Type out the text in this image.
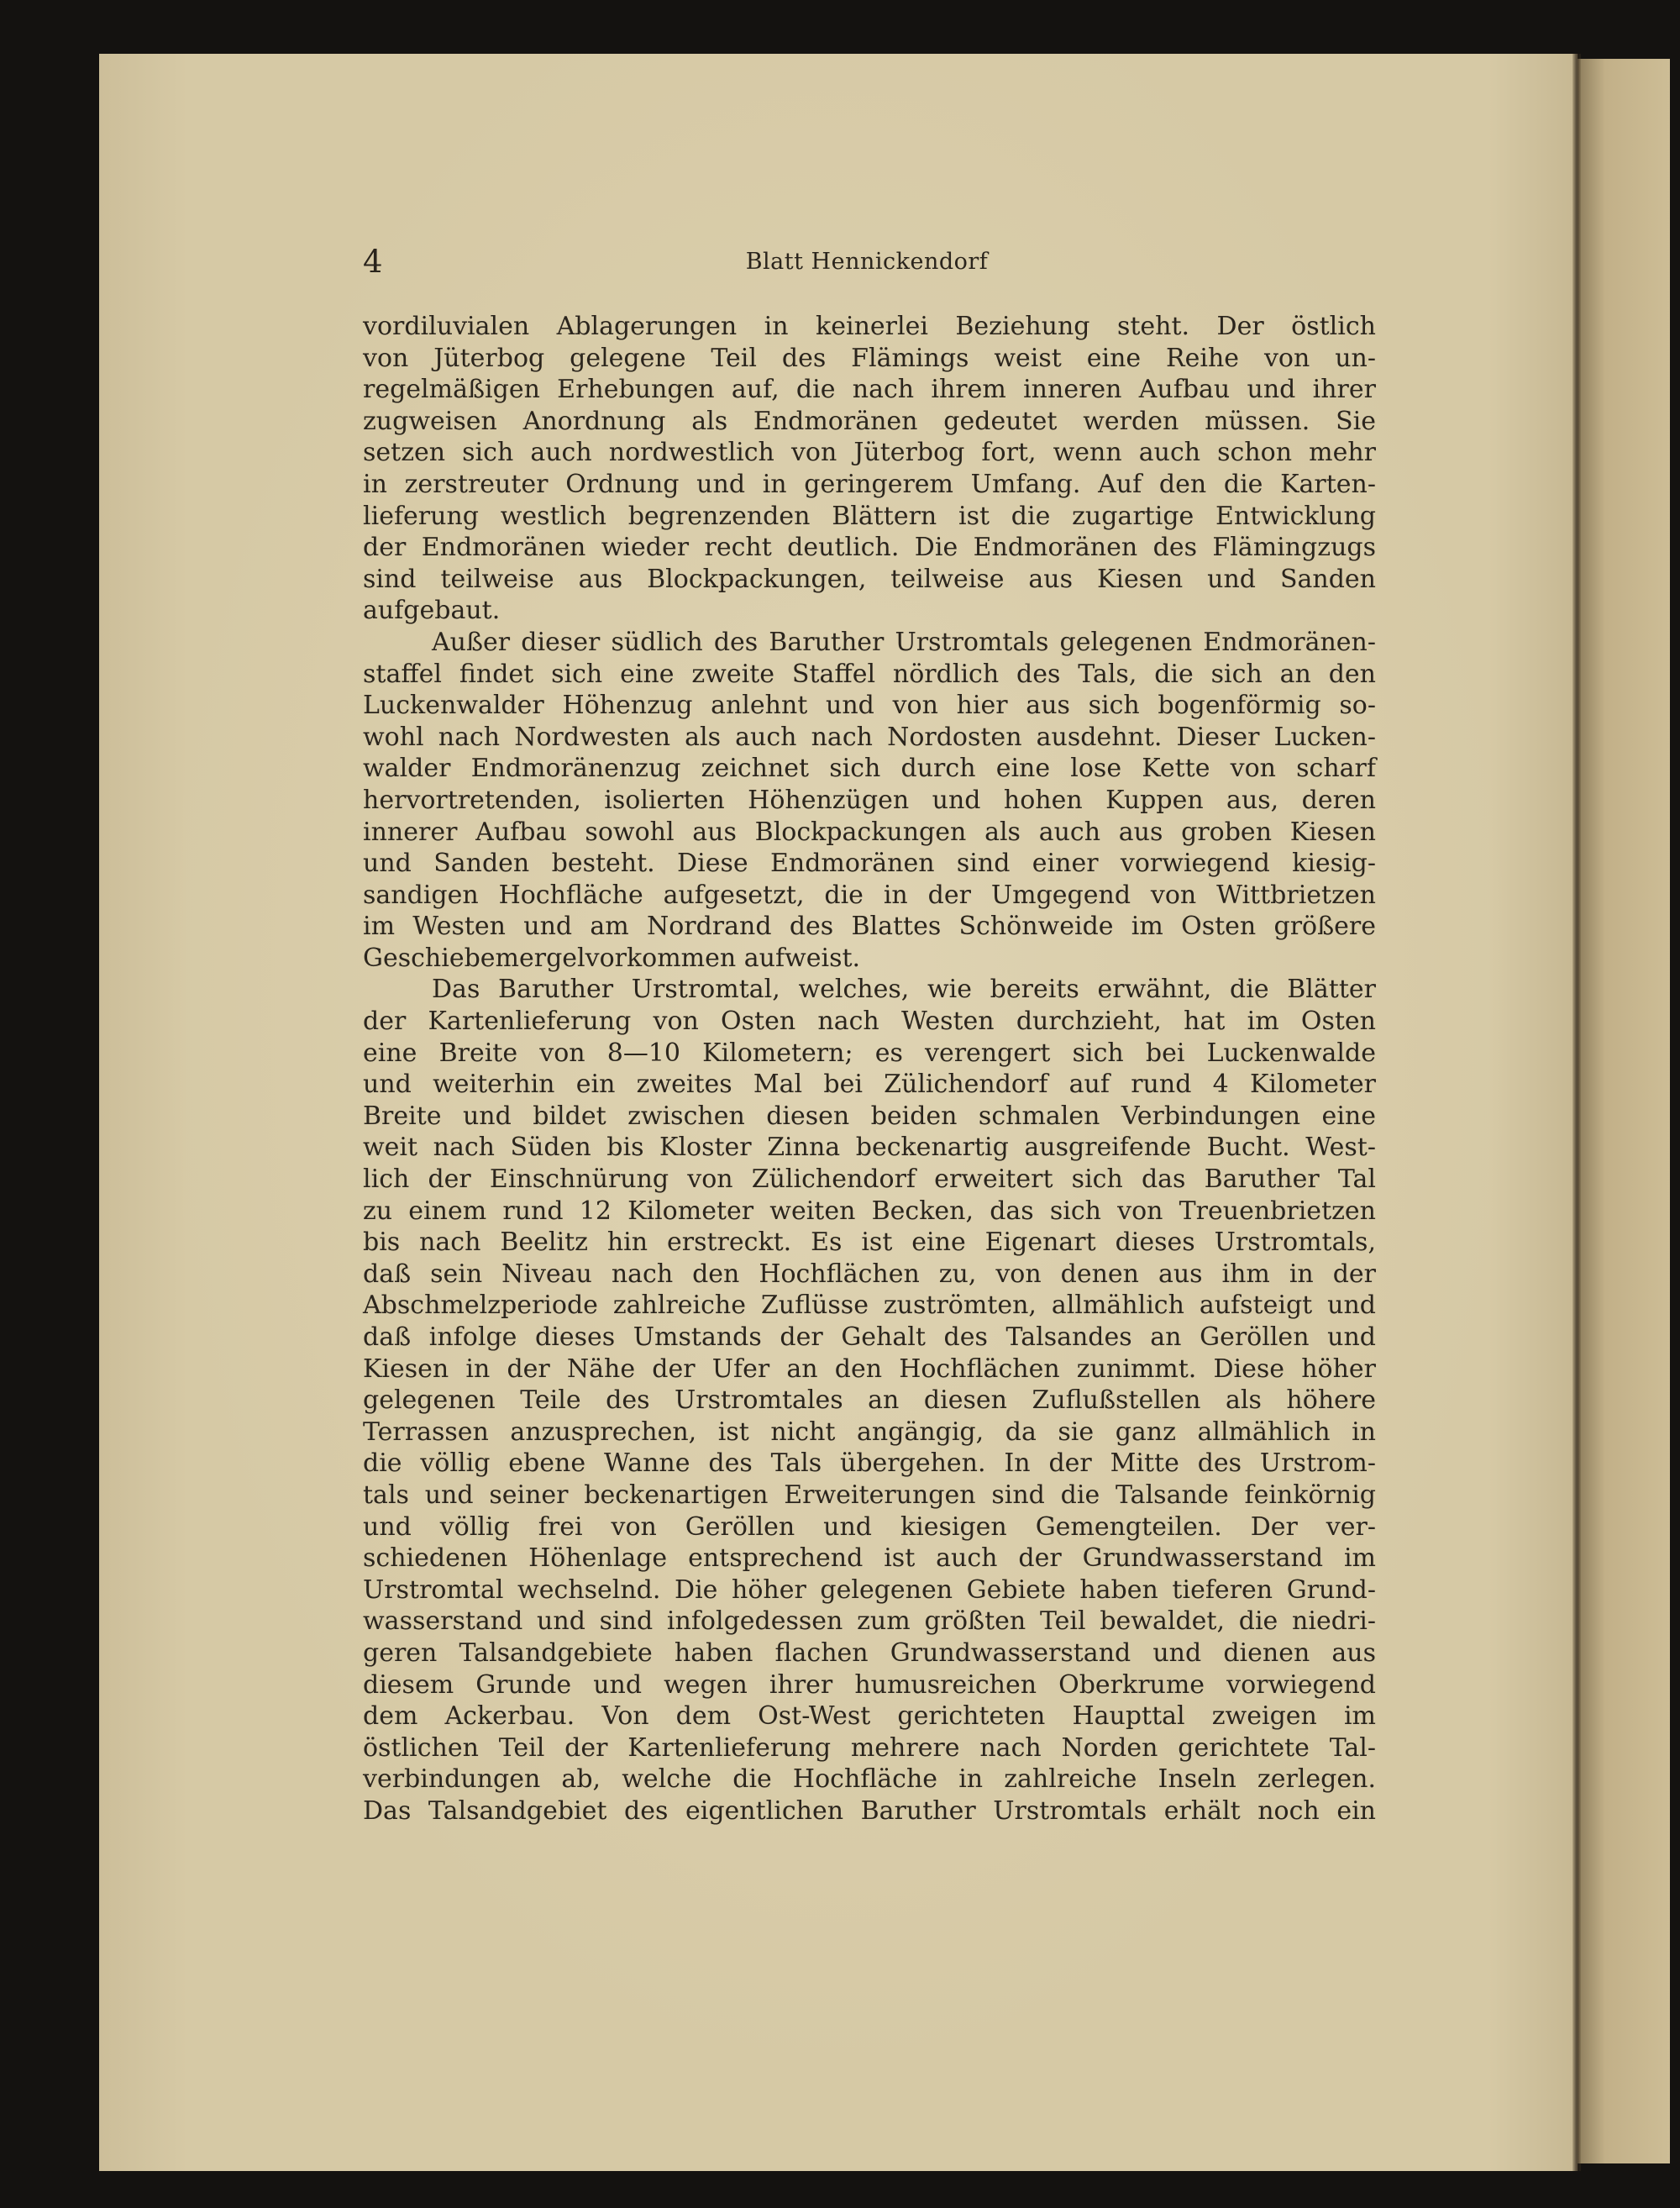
4	Blatt Hennickendorf
vordiluvialen Ablagerungen in keinerlei Beziehung steht. Der östlich
von Jüterbog gelegene Teil des Flämings weist eine Reihe von un-
regelmäßigen Erhebungen auf, die nach ihrem inneren Aufbau und ihrer
zugweisen Anordnung als Endmoränen gedeutet werden müssen. Sie
setzen sich auch nordwestlich von Jüterbog fort, wenn auch schon mehr
in zerstreuter Ordnung und in geringerem Umfang. Auf den die Karten-
lieferung westlich begrenzenden Blättern ist die zugartige Entwicklung
der Endmoränen wieder recht deutlich. Die Endmoränen des Flämingzugs
sind teilweise aus Blockpackungen, teilweise aus Kiesen und Sanden
aufgebaut.
Außer dieser südlich des Baruther Urstromtals gelegenen Endmoränen-
staffel findet sich eine zweite Staffel nördlich des Tals, die sich an den
Luckenwalder Höhenzug anlehnt und von hier aus sich bogenförmig so-
wohl nach Nordwesten als auch nach Nordosten ausdehnt. Dieser Lucken-
walder Endmoränenzug zeichnet sich durch eine lose Kette von scharf
hervortretenden, isolierten Höhenzügen und hohen Kuppen aus, deren
innerer Aufbau sowohl aus Blockpackungen als auch aus groben Kiesen
und Sanden besteht. Diese Endmoränen sind einer vorwiegend kiesig-
sandigen Hochfläche aufgesetzt, die in der Umgegend von Wittbrietzen
im Westen und am Nordrand des Blattes Schönweide im Osten größere
Geschiebemergelvorkommen aufweist.
Das Baruther Urstromtal, welches, wie bereits erwähnt, die Blätter
der Kartenlieferung von Osten nach Westen durchzieht, hat im Osten
eine Breite von 8—10 Kilometern; es verengert sich bei Luckenwalde
und weiterhin ein zweites Mal bei Zülichendorf auf rund 4 Kilometer
Breite und bildet zwischen diesen beiden schmalen Verbindungen eine
weit nach Süden bis Kloster Zinna beckenartig ausgreifende Bucht. West-
lich der Einschnürung von Zülichendorf erweitert sich das Baruther Tal
zu einem rund 12 Kilometer weiten Becken, das sich von Treuenbrietzen
bis nach Beelitz hin erstreckt. Es ist eine Eigenart dieses Urstromtals,
daß sein Niveau nach den Hochflächen zu, von denen aus ihm in der
Abschmelzperiode zahlreiche Zuflüsse zuströmten, allmählich aufsteigt und
daß infolge dieses Umstands der Gehalt des Talsandes an Geröllen und
Kiesen in der Nähe der Ufer an den Hochflächen zunimmt. Diese höher
gelegenen Teile des Urstromtales an diesen Zuflußstellen als höhere
Terrassen anzusprechen, ist nicht angängig, da sie ganz allmählich in
die völlig ebene Wanne des Tals übergehen. In der Mitte des Urstrom-
tals und seiner beckenartigen Erweiterungen sind die Talsande feinkörnig
und völlig frei von Geröllen und kiesigen Gemengteilen. Der ver-
schiedenen Höhenlage entsprechend ist auch der Grundwasserstand im
Urstromtal wechselnd. Die höher gelegenen Gebiete haben tieferen Grund-
wasserstand und sind infolgedessen zum größten Teil bewaldet, die niedri-
geren Talsandgebiete haben flachen Grundwasserstand und dienen aus
diesem Grunde und wegen ihrer humusreichen Oberkrume vorwiegend
dem Ackerbau. Von dem Ost-West gerichteten Haupttal zweigen im
östlichen Teil der Kartenlieferung mehrere nach Norden gerichtete Tal-
verbindungen ab, welche die Hochfläche in zahlreiche Inseln zerlegen.
Das Talsandgebiet des eigentlichen Baruther Urstromtals erhält noch ein
